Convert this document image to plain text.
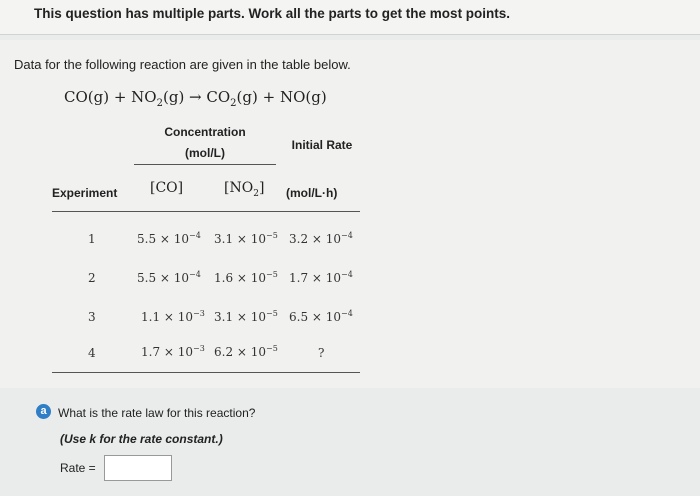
This question has multiple parts. Work all the parts to get the most points.
Data for the following reaction are given in the table below.
$CO(g) + NO_2(g) \to CO_2(g) + NO(g)$
Concentration
(mol/L)
Initial Rate
Experiment [CO]	$[NO_2]$ (mol/L·h)
1	$5.5 \times 10^{-4}$ $3.1 \times 10^{-5}$ $3.2 \times 10^{-4}$
2	$5.5 \times 10^{-4}$ $1.6 \times 10^{-5}$ $1.7 \times 10^{-4}$
3	$1.1 \times 10^{-3}$ $3.1 \times 10^{-5}$ $6.5 \times 10^{-4}$
4	$1.7 \times 10^{-3}$ $6.2 \times 10^{-5}$	?
a What is the rate law for this reaction?
(Use k for the rate constant.)
Rate =
